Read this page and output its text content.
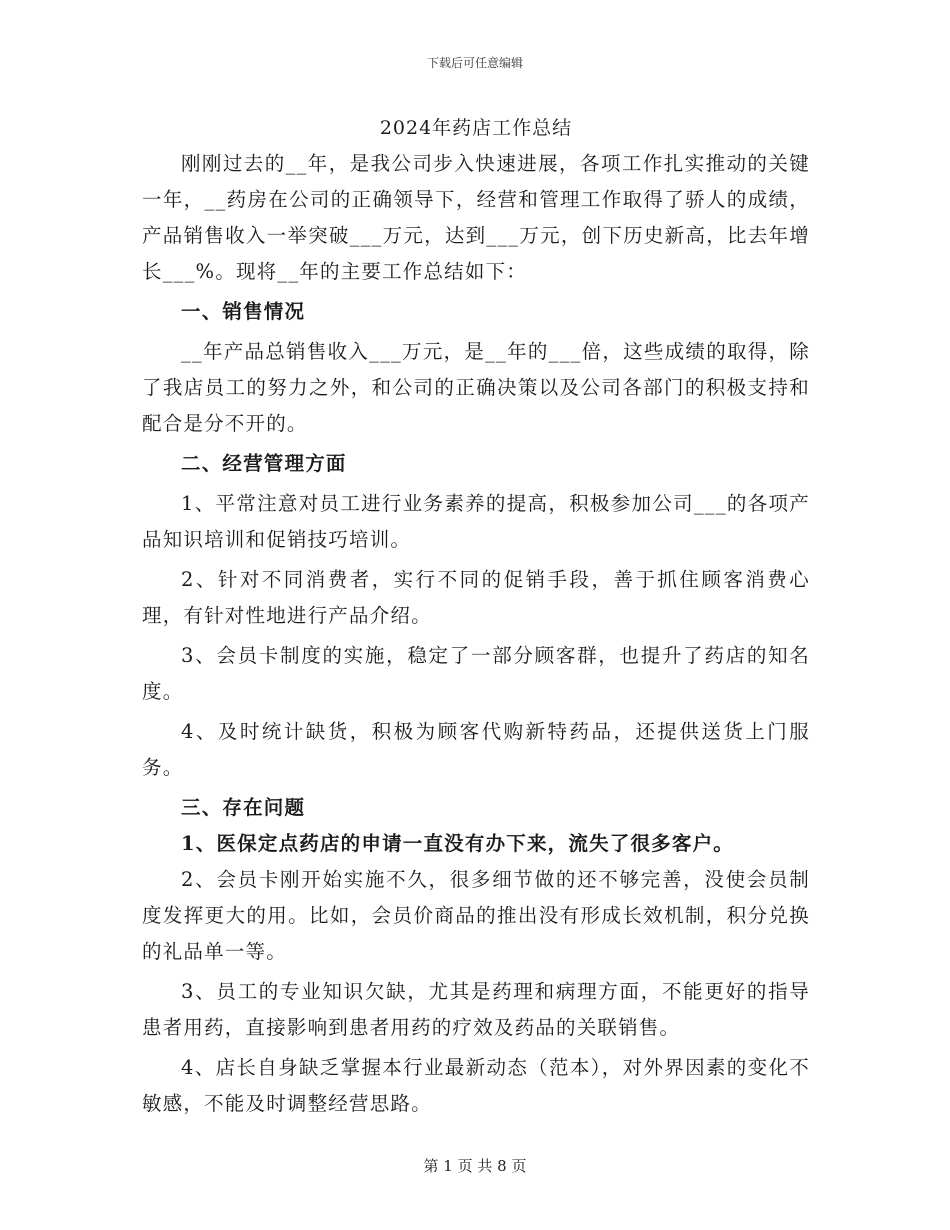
下载后可任意编辑
2024年药店工作总结

刚刚过去的__年，是我公司步入快速进展，各项工作扎实推动的关键一年，__药房在公司的正确领导下，经营和管理工作取得了骄人的成绩，产品销售收入一举突破___万元，达到___万元，创下历史新高，比去年增长___%。现将__年的主要工作总结如下：

一、销售情况

__年产品总销售收入___万元，是__年的___倍，这些成绩的取得，除了我店员工的努力之外，和公司的正确决策以及公司各部门的积极支持和配合是分不开的。

二、经营管理方面

1、平常注意对员工进行业务素养的提高，积极参加公司___的各项产品知识培训和促销技巧培训。

2、针对不同消费者，实行不同的促销手段，善于抓住顾客消费心理，有针对性地进行产品介绍。

3、会员卡制度的实施，稳定了一部分顾客群，也提升了药店的知名度。

4、及时统计缺货，积极为顾客代购新特药品，还提供送货上门服务。

三、存在问题

1、医保定点药店的申请一直没有办下来，流失了很多客户。

2、会员卡刚开始实施不久，很多细节做的还不够完善，没使会员制度发挥更大的用。比如，会员价商品的推出没有形成长效机制，积分兑换的礼品单一等。

3、员工的专业知识欠缺，尤其是药理和病理方面，不能更好的指导患者用药，直接影响到患者用药的疗效及药品的关联销售。

4、店长自身缺乏掌握本行业最新动态（范本），对外界因素的变化不敏感，不能及时调整经营思路。

第 1 页 共 8 页
